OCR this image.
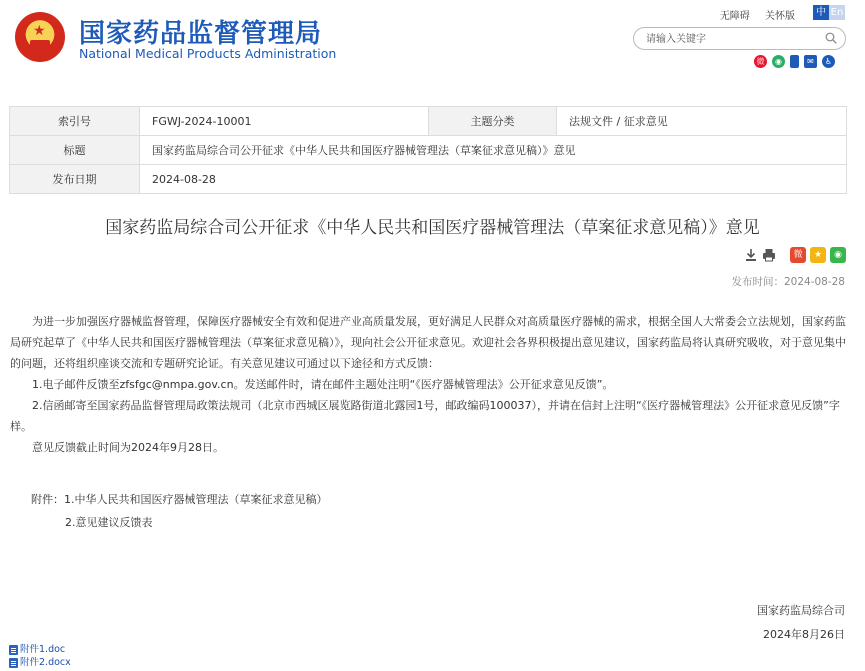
★ 国家药品监督管理局
National Medical Products Administration
无障碍 关怀版	中 En
请输入关键字
微	◉	✉	♿
索引号	FGWJ-2024-10001	主题分类	法规文件 / 征求意见
标题	国家药监局综合司公开征求《中华人民共和国医疗器械管理法（草案征求意见稿）》意见		
发布日期	2024-08-28		
国家药监局综合司公开征求《中华人民共和国医疗器械管理法（草案征求意见稿）》意见
微	★	◉
发布时间：2024-08-28

为进一步加强医疗器械监督管理，保障医疗器械安全有效和促进产业高质量发展，更好满足人民群众对高质量医疗器械的需求，根据全国人大常委会立法规划，国家药监局研究起草了《中华人民共和国医疗器械管理法（草案征求意见稿）》，现向社会公开征求意见。欢迎社会各界积极提出意见建议，国家药监局将认真研究吸收，对于意见集中的问题，还将组织座谈交流和专题研究论证。有关意见建议可通过以下途径和方式反馈：

1.电子邮件反馈至zfsfgc@nmpa.gov.cn。发送邮件时，请在邮件主题处注明“《医疗器械管理法》公开征求意见反馈”。

2.信函邮寄至国家药品监督管理局政策法规司（北京市西城区展览路街道北露园1号，邮政编码100037），并请在信封上注明“《医疗器械管理法》公开征求意见反馈”字样。

意见反馈截止时间为2024年9月28日。

附件：1.中华人民共和国医疗器械管理法（草案征求意见稿）
2.意见建议反馈表
国家药监局综合司
2024年8月26日
附件1.doc
附件2.docx
